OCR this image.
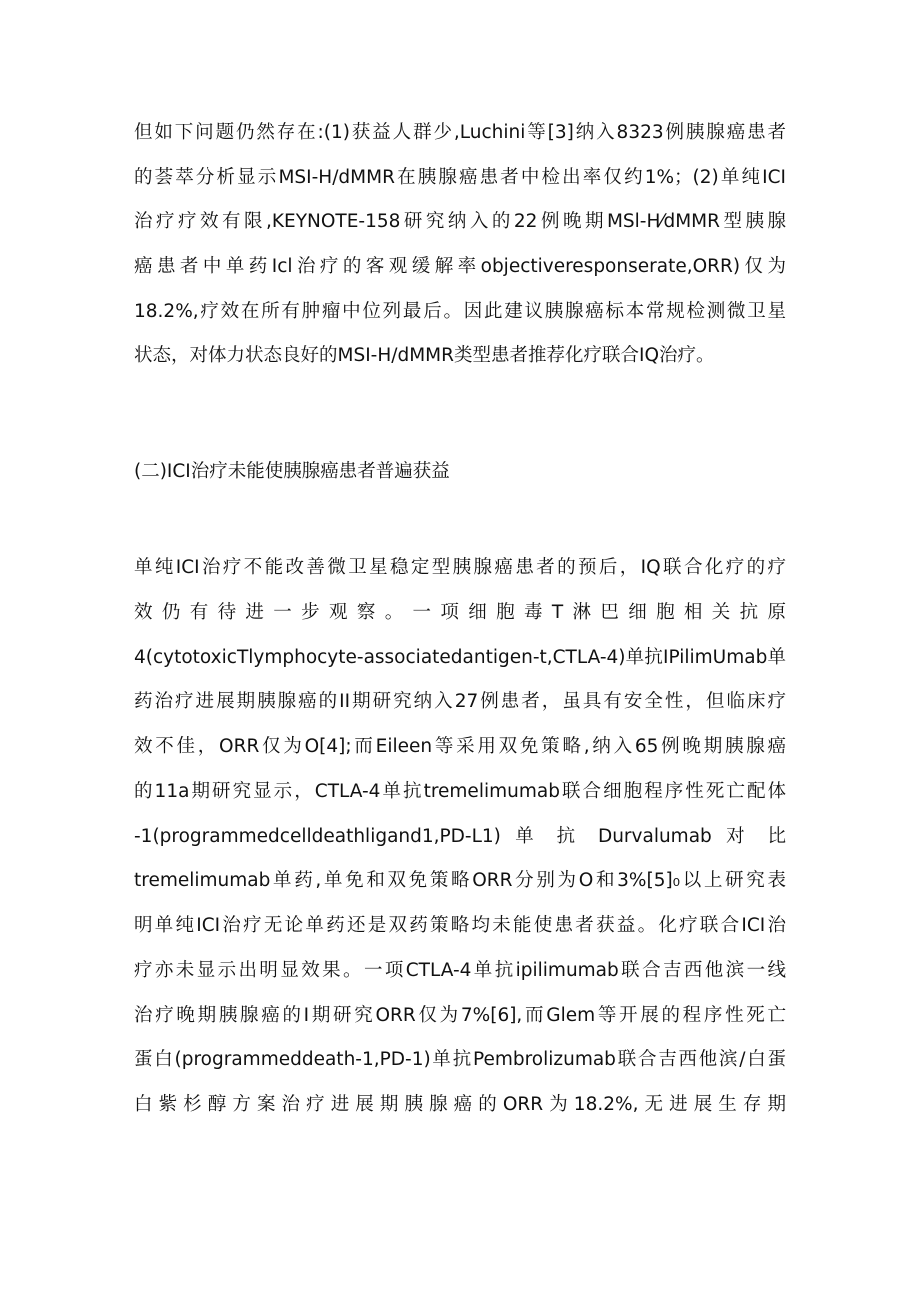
但如下问题仍然存在:(1)获益人群少,Luchini等[3]纳入8323例胰腺癌患者
的荟萃分析显示MSI-H/dMMR在胰腺癌患者中检出率仅约1%；(2)单纯ICI
治疗疗效有限,KEYNOTE-158研究纳入的22例晚期MSl-H⁄dMMR型胰腺
癌患者中单药Icl治疗的客观缓解率objectiveresponserate,ORR)仅为
18.2%,疗效在所有肿瘤中位列最后。因此建议胰腺癌标本常规检测微卫星
状态，对体力状态良好的MSI-H/dMMR类型患者推荐化疗联合IQ治疗。
(二)ICI治疗未能使胰腺癌患者普遍获益
单纯ICI治疗不能改善微卫星稳定型胰腺癌患者的预后，IQ联合化疗的疗
效仍有待进一步观察。一项细胞毒T淋巴细胞相关抗原
4(cytotoxicTlymphocyte-associatedantigen-t,CTLA-4)单抗IPilimUmab单
药治疗进展期胰腺癌的II期研究纳入27例患者，虽具有安全性，但临床疗
效不佳，ORR仅为O[4];而Eileen等采用双免策略,纳入65例晚期胰腺癌
的11a期研究显示，CTLA-4单抗tremelimumab联合细胞程序性死亡配体
-1(programmedcelldeathligand1,PD-L1) 单 抗 Durvalumab 对 比
tremelimumab单药,单免和双免策略ORR分别为O和3%[5]₀以上研究表
明单纯ICI治疗无论单药还是双药策略均未能使患者获益。化疗联合ICI治
疗亦未显示出明显效果。一项CTLA-4单抗ipilimumab联合吉西他滨一线
治疗晚期胰腺癌的I期研究ORR仅为7%[6],而Glem等开展的程序性死亡
蛋白(programmeddeath-1,PD-1)单抗Pembrolizumab联合吉西他滨/白蛋
白紫杉醇方案治疗进展期胰腺癌的ORR为18.2%,无进展生存期
